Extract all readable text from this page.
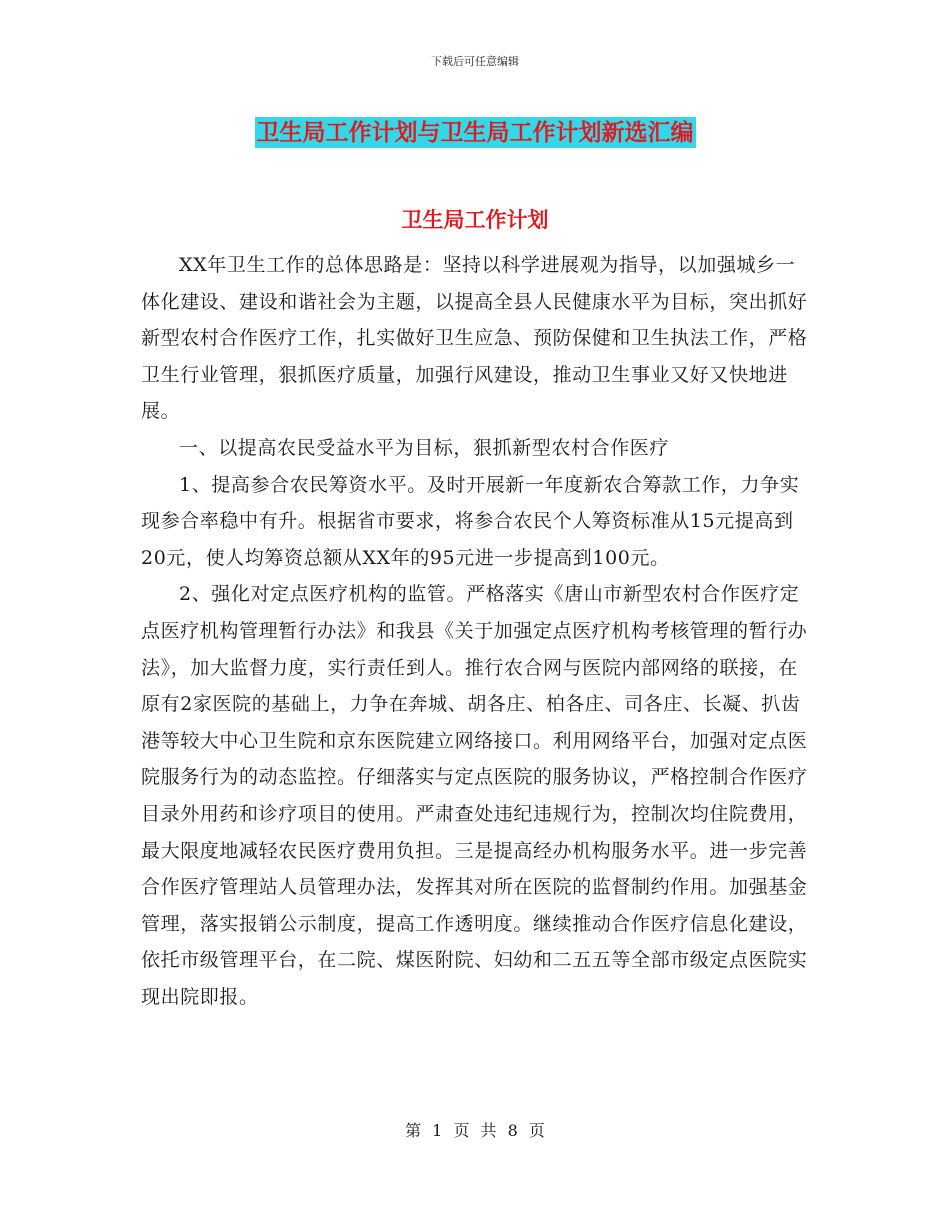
下载后可任意编辑
卫生局工作计划与卫生局工作计划新选汇编
卫生局工作计划

XX年卫生工作的总体思路是：坚持以科学进展观为指导，以加强城乡一体化建设、建设和谐社会为主题，以提高全县人民健康水平为目标，突出抓好新型农村合作医疗工作，扎实做好卫生应急、预防保健和卫生执法工作，严格卫生行业管理，狠抓医疗质量，加强行风建设，推动卫生事业又好又快地进展。

一、以提高农民受益水平为目标，狠抓新型农村合作医疗

1、提高参合农民筹资水平。及时开展新一年度新农合筹款工作，力争实现参合率稳中有升。根据省市要求，将参合农民个人筹资标准从15元提高到20元，使人均筹资总额从XX年的95元进一步提高到100元。

2、强化对定点医疗机构的监管。严格落实《唐山市新型农村合作医疗定点医疗机构管理暂行办法》和我县《关于加强定点医疗机构考核管理的暂行办法》，加大监督力度，实行责任到人。推行农合网与医院内部网络的联接，在原有2家医院的基础上，力争在奔城、胡各庄、柏各庄、司各庄、长凝、扒齿港等较大中心卫生院和京东医院建立网络接口。利用网络平台，加强对定点医院服务行为的动态监控。仔细落实与定点医院的服务协议，严格控制合作医疗目录外用药和诊疗项目的使用。严肃查处违纪违规行为，控制次均住院费用，最大限度地减轻农民医疗费用负担。三是提高经办机构服务水平。进一步完善合作医疗管理站人员管理办法，发挥其对所在医院的监督制约作用。加强基金管理，落实报销公示制度，提高工作透明度。继续推动合作医疗信息化建设，依托市级管理平台，在二院、煤医附院、妇幼和二五五等全部市级定点医院实现出院即报。

第 1 页 共 8 页
